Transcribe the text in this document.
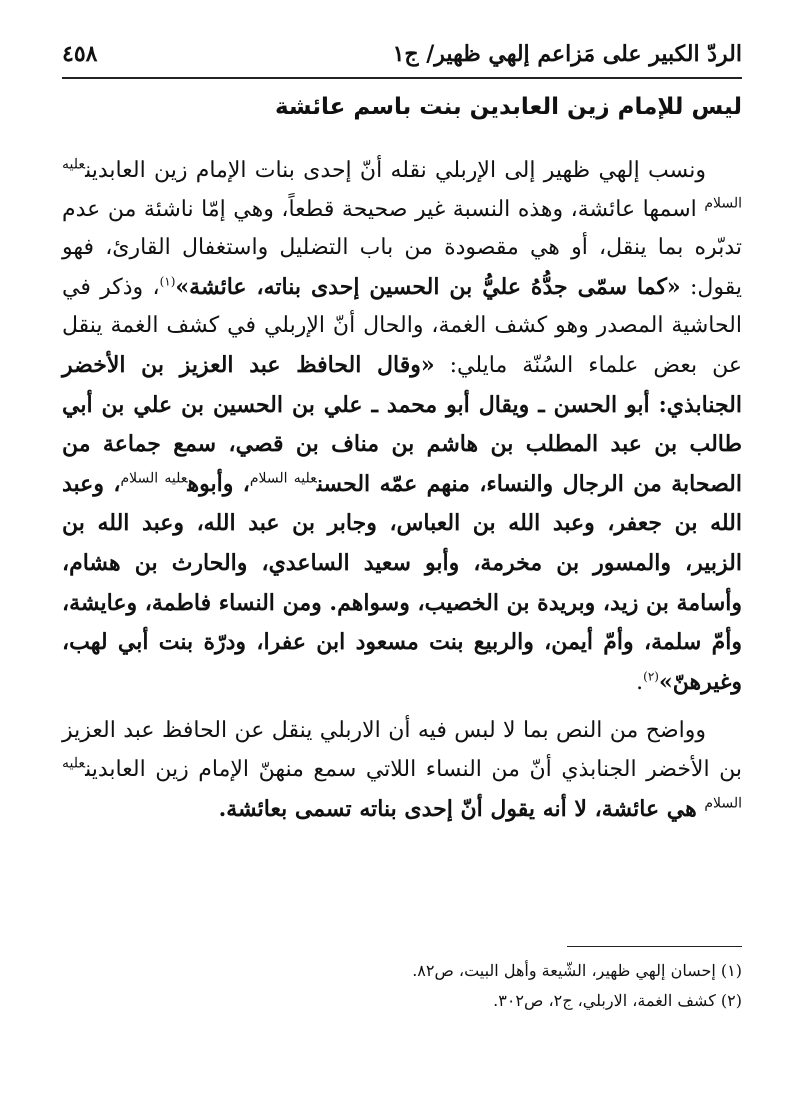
الردّ الكبير على مَزاعم إلهي ظهير/ ج١
٤٥٨
ليس للإمام زين العابدين بنت باسم عائشة

ونسب إلهي ظهير إلى الإربلي نقله أنّ إحدى بنات الإمام زين العابدين$^{عليه السلام}$ اسمها عائشة، وهذه النسبة غير صحيحة قطعاً، وهي إمّا ناشئة من عدم تدبّره بما ينقل، أو هي مقصودة من باب التضليل واستغفال القارئ، فهو يقول: «كما سمّى جدُّهُ عليُّ بن الحسين إحدى بناته، عائشة»$^{(١)}$، وذكر في الحاشية المصدر وهو كشف الغمة، والحال أنّ الإربلي في كشف الغمة ينقل عن بعض علماء السُنّة مايلي: «وقال الحافظ عبد العزيز بن الأخضر الجنابذي: أبو الحسن ـ ويقال أبو محمد ـ علي بن الحسين بن علي بن أبي طالب بن عبد المطلب بن هاشم بن مناف بن قصي، سمع جماعة من الصحابة من الرجال والنساء، منهم عمّه الحسن$^{عليه السلام}$، وأبوه$^{عليه السلام}$، وعبد الله بن جعفر، وعبد الله بن العباس، وجابر بن عبد الله، وعبد الله بن الزبير، والمسور بن مخرمة، وأبو سعيد الساعدي، والحارث بن هشام، وأسامة بن زيد، وبريدة بن الخصيب، وسواهم. ومن النساء فاطمة، وعايشة، وأمّ سلمة، وأمّ أيمن، والربيع بنت مسعود ابن عفرا، ودرّة بنت أبي لهب، وغيرهنّ»$^{(٢)}$.

وواضح من النص بما لا لبس فيه أن الاربلي ينقل عن الحافظ عبد العزيز بن الأخضر الجنابذي أنّ من النساء اللاتي سمع منهنّ الإمام زين العابدين$^{عليه السلام}$ هي عائشة، لا أنه يقول أنّ إحدى بناته تسمى بعائشة.

(١) إحسان إلهي ظهير، الشّيعة وأهل البيت، ص٨٢.
(٢) كشف الغمة، الاربلي، ج٢، ص٣٠٢.
